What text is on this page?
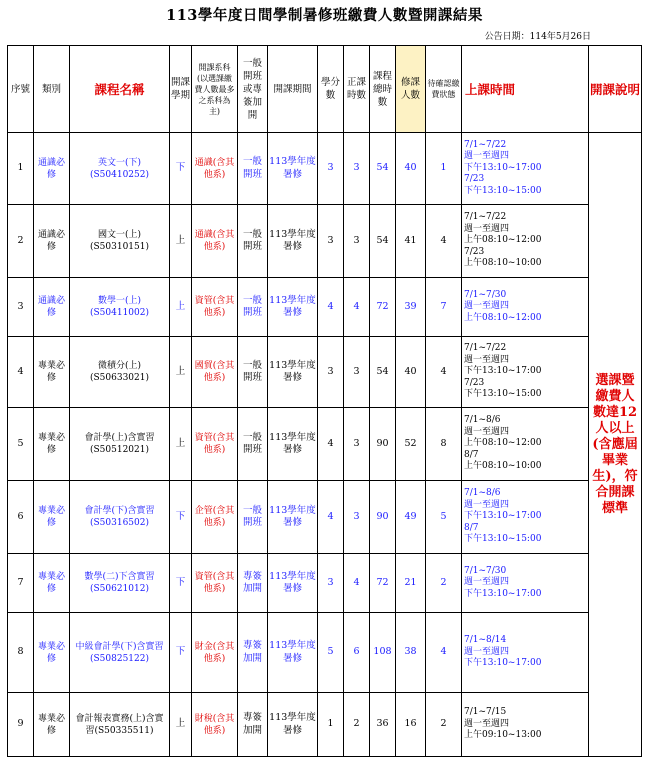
113學年度日間學制暑修班繳費人數暨開課結果
公告日期：114年5月26日
序號	類別	課程名稱	開課學期	開課系科(以選課繳費人數最多之系科為主)	一般開班或專簽加開	開課期間	學分數	正課時數	課程總時數	修課人數	待確認繳費狀態	上課時間	開課說明
1	通識必修	英文一(下)(S50410252)	下	通識(含其他系)	一般開班	113學年度暑修	3	3	54	40	1	7/1~7/22
週一至週四
下午13:10~17:00
7/23
下午13:10~15:00	選課暨繳費人數達12人以上(含應屆畢業生)，符合開課標準
2	通識必修	國文一(上)(S50310151)	上	通識(含其他系)	一般開班	113學年度暑修	3	3	54	41	4	7/1~7/22
週一至週四
上午08:10~12:00
7/23
上午08:10~10:00	

3	通識必修	數學一(上)(S50411002)	上	資管(含其他系)	一般開班	113學年度暑修	4	4	72	39	7	7/1~7/30
週一至週四
上午08:10~12:00	

4	專業必修	微積分(上)(S50633021)	上	國貿(含其他系)	一般開班	113學年度暑修	3	3	54	40	4	7/1~7/22
週一至週四
下午13:10~17:00
7/23
下午13:10~15:00	

5	專業必修	會計學(上)含實習(S50512021)	上	資管(含其他系)	一般開班	113學年度暑修	4	3	90	52	8	7/1~8/6
週一至週四
上午08:10~12:00
8/7
上午08:10~10:00	

6	專業必修	會計學(下)含實習(S50316502)	下	企管(含其他系)	一般開班	113學年度暑修	4	3	90	49	5	7/1~8/6
週一至週四
下午13:10~17:00
8/7
下午13:10~15:00	

7	專業必修	數學(二)下含實習(S50621012)	下	資管(含其他系)	專簽加開	113學年度暑修	3	4	72	21	2	7/1~7/30
週一至週四
下午13:10~17:00	

8	專業必修	中級會計學(下)含實習(S50825122)	下	財金(含其他系)	專簽加開	113學年度暑修	5	6	108	38	4	7/1~8/14
週一至週四
下午13:10~17:00	

9	專業必修	會計報表實務(上)含實習(S50335511)	上	財稅(含其他系)	專簽加開	113學年度暑修	1	2	36	16	2	7/1~7/15
週一至週四
上午09:10~13:00	
